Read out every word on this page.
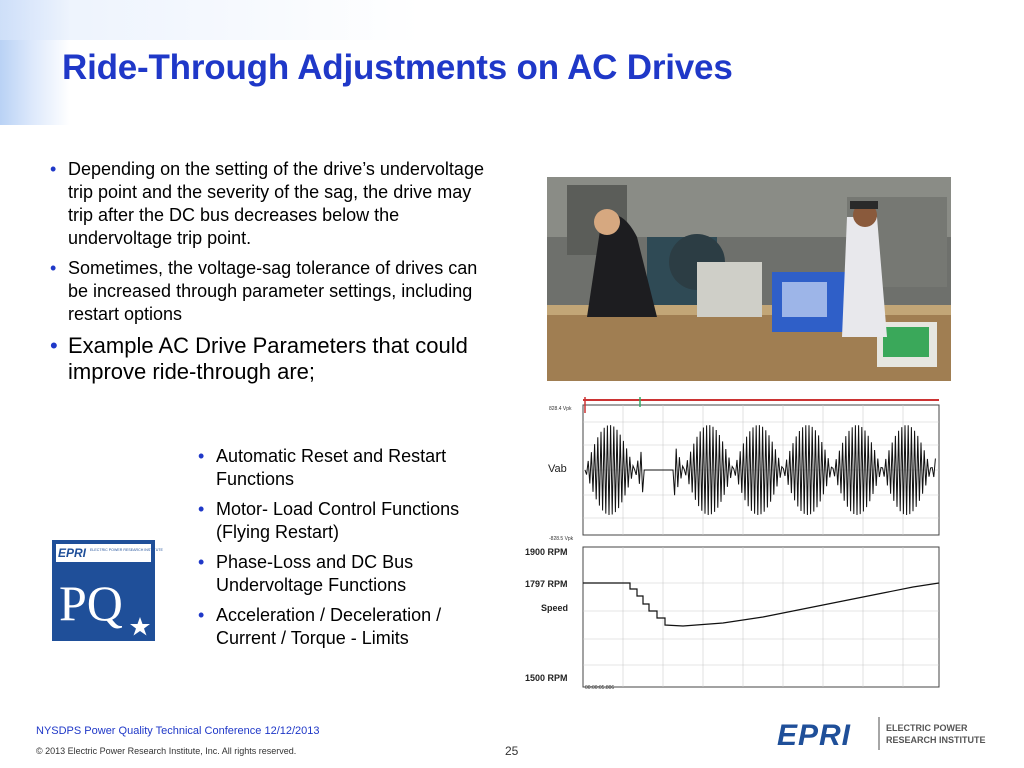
Ride-Through Adjustments on AC Drives
• Depending on the setting of the drive’s undervoltage trip point and the severity of the sag, the drive may trip after the DC bus decreases below the undervoltage trip point.
• Sometimes, the voltage-sag tolerance of drives can be increased through parameter settings, including restart options
• Example AC Drive Parameters that could improve ride-through are;
• Automatic Reset and Restart Functions
• Motor- Load Control Functions (Flying Restart)
• Phase-Loss and DC Bus Undervoltage Functions
• Acceleration / Deceleration / Current / Torque - Limits
828.4 Vpk
Vab
-828.5 Vpk
1900 RPM
1797 RPM
Speed
1500 RPM
00:00:05.806
EPRI ELECTRIC POWER RESEARCH INSTITUTE
PQ
NYSDPS Power Quality Technical Conference 12/12/2013
© 2013 Electric Power Research Institute, Inc. All rights reserved.	25	EPRI	ELECTRIC POWER
RESEARCH INSTITUTE
